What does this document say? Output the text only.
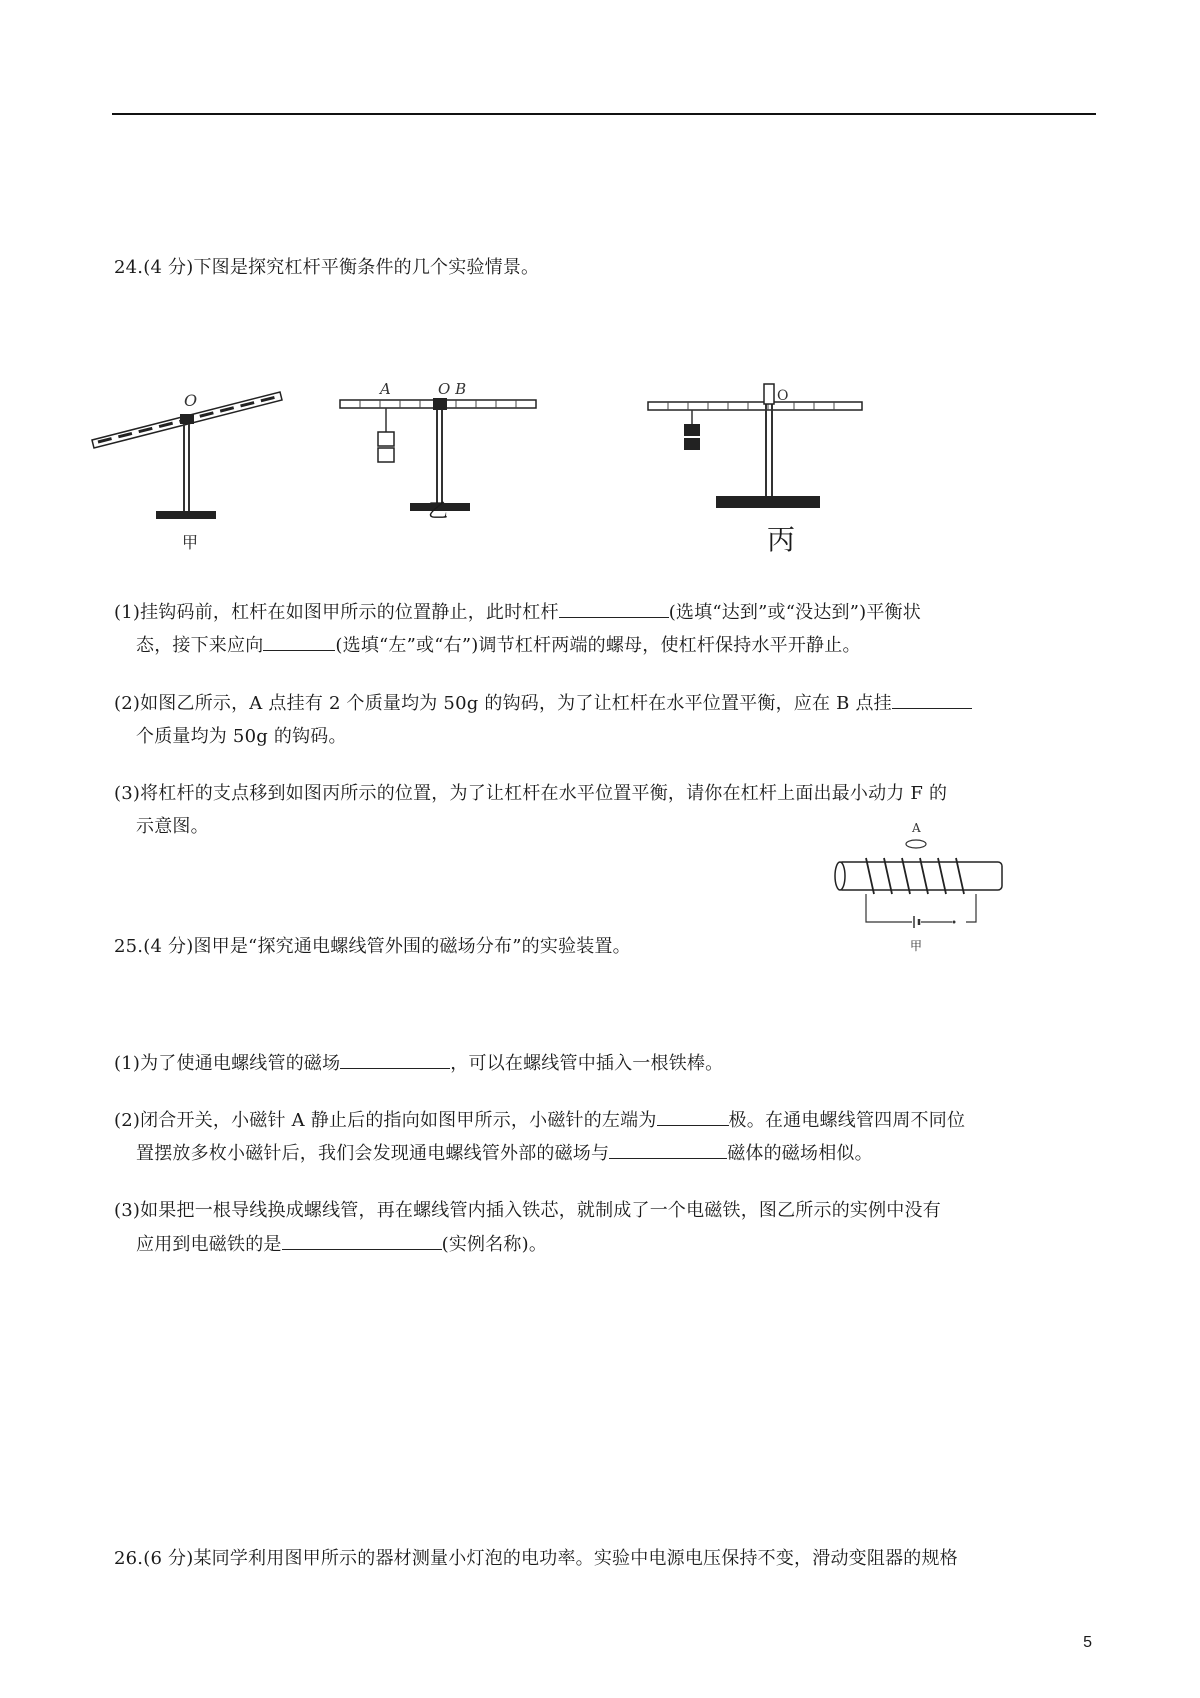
24.(4 分)下图是探究杠杆平衡条件的几个实验情景。
O
甲
A	O B
乙
O
丙
(1)挂钩码前，杠杆在如图甲所示的位置静止，此时杠杆	(选填“达到”或“没达到”)平衡状
态，接下来应向	(选填“左”或“右”)调节杠杆两端的螺母，使杠杆保持水平开静止。
(2)如图乙所示，A 点挂有 2 个质量均为 50g 的钩码，为了让杠杆在水平位置平衡，应在 B 点挂
个质量均为 50g 的钩码。
(3)将杠杆的支点移到如图丙所示的位置，为了让杠杆在水平位置平衡，请你在杠杆上面出最小动力 F 的
示意图。	A
甲
25.(4 分)图甲是“探究通电螺线管外围的磁场分布”的实验装置。
(1)为了使通电螺线管的磁场	，可以在螺线管中插入一根铁棒。
(2)闭合开关，小磁针 A 静止后的指向如图甲所示，小磁针的左端为	极。在通电螺线管四周不同位
置摆放多枚小磁针后，我们会发现通电螺线管外部的磁场与	磁体的磁场相似。
(3)如果把一根导线换成螺线管，再在螺线管内插入铁芯，就制成了一个电磁铁，图乙所示的实例中没有
应用到电磁铁的是	(实例名称)。
26.(6 分)某同学利用图甲所示的器材测量小灯泡的电功率。实验中电源电压保持不变，滑动变阻器的规格
5
